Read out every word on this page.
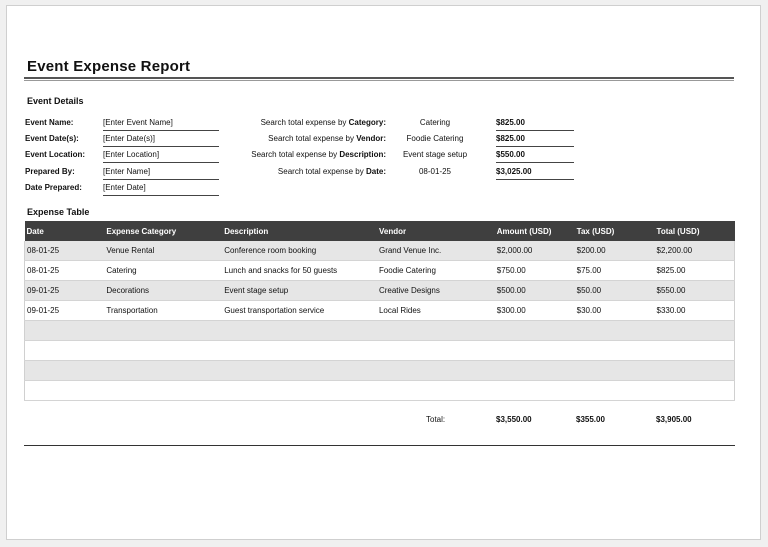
Event Expense Report
Event Details
Event Name:	[Enter Event Name]
Event Date(s):	[Enter Date(s)]
Event Location: [Enter Location]
Prepared By:	[Enter Name]
Date Prepared:	[Enter Date]
Search total expense by Category:	Catering	$825.00
Search total expense by Vendor:	Foodie Catering	$825.00
Search total expense by Description:	Event stage setup	$550.00
Search total expense by Date:	08-01-25	$3,025.00
Expense Table
Date	Expense Category	Description	Vendor	Amount (USD)	Tax (USD)	Total (USD)
08-01-25	Venue Rental	Conference room booking	Grand Venue Inc.	$2,000.00	$200.00	$2,200.00
08-01-25	Catering	Lunch and snacks for 50 guests	Foodie Catering	$750.00	$75.00	$825.00
09-01-25	Decorations	Event stage setup	Creative Designs	$500.00	$50.00	$550.00
09-01-25	Transportation	Guest transportation service	Local Rides	$300.00	$30.00	$330.00

Total:	$3,550.00	$355.00	$3,905.00
